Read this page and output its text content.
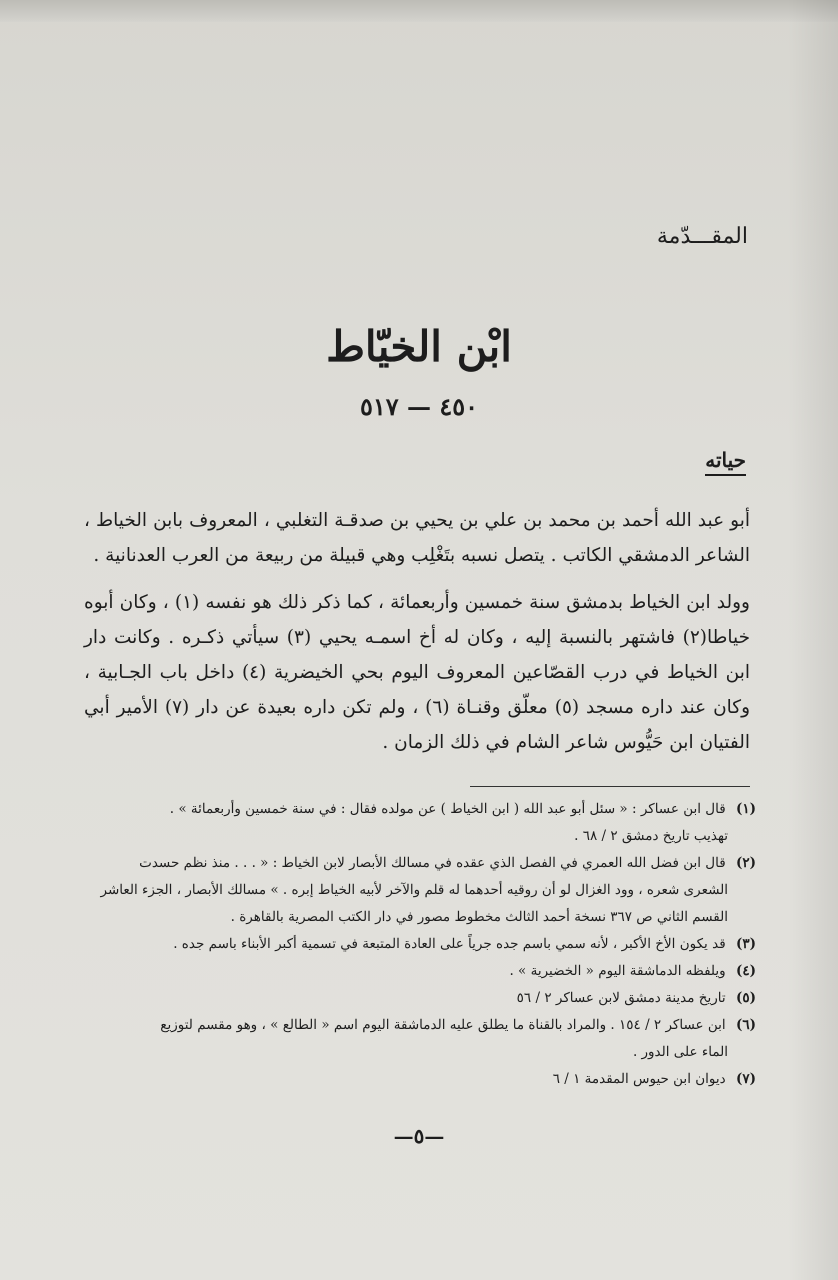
المقـــدّمة
ابْن الخيّاط
٤٥٠ — ٥١٧
حياته

أبو عبد الله أحمد بن محمد بن علي بن يحيي بن صدقـة التغلبي ، المعروف بابن الخياط ، الشاعر الدمشقي الكاتب . يتصل نسبه بتَغْلِب وهي قبيلة من ربيعة من العرب العدنانية .

وولد ابن الخياط بدمشق سنة خمسين وأربعمائة ، كما ذكر ذلك هو نفسه (١) ، وكان أبوه خياطا(٢) فاشتهر بالنسبة إليه ، وكان له أخ اسمـه يحيي (٣) سيأتي ذكـره . وكانت دار ابن الخياط في درب القصّاعين المعروف اليوم بحي الخيضرية (٤) داخل باب الجـابية ، وكان عند داره مسجد (٥) معلّق وقنـاة (٦) ، ولم تكن داره بعيدة عن دار (٧) الأمير أبي الفتيان ابن حَيُّوس شاعر الشام في ذلك الزمان .

(١) قال ابن عساكر : « سئل أبو عبد الله ( ابن الخياط ) عن مولده فقال : في سنة خمسين وأربعمائة » .
تهذيب تاريخ دمشق ٢ / ٦٨ .
(٢) قال ابن فضل الله العمري في الفصل الذي عقده في مسالك الأبصار لابن الخياط : « . . . منذ نظم حسدت
الشعرى شعره ، وود الغزال لو أن روقيه أحدهما له قلم والآخر لأبيه الخياط إبره . » مسالك الأبصار ، الجزء العاشر القسم الثاني ص ٣٦٧ نسخة أحمد الثالث مخطوط مصور في دار الكتب المصرية بالقاهرة .
(٣) قد يكون الأخ الأكبر ، لأنه سمي باسم جده جرياً على العادة المتبعة في تسمية أكبر الأبناء باسم جده .
(٤) ويلفظه الدماشقة اليوم « الخضيرية » .
(٥) تاريخ مدينة دمشق لابن عساكر ٢ / ٥٦
(٦) ابن عساكر ٢ / ١٥٤ . والمراد بالقناة ما يطلق عليه الدماشقة اليوم اسم « الطالع » ، وهو مقسم لتوزيع
الماء على الدور .
(٧) ديوان ابن حيوس المقدمة ١ / ٦
—٥—
